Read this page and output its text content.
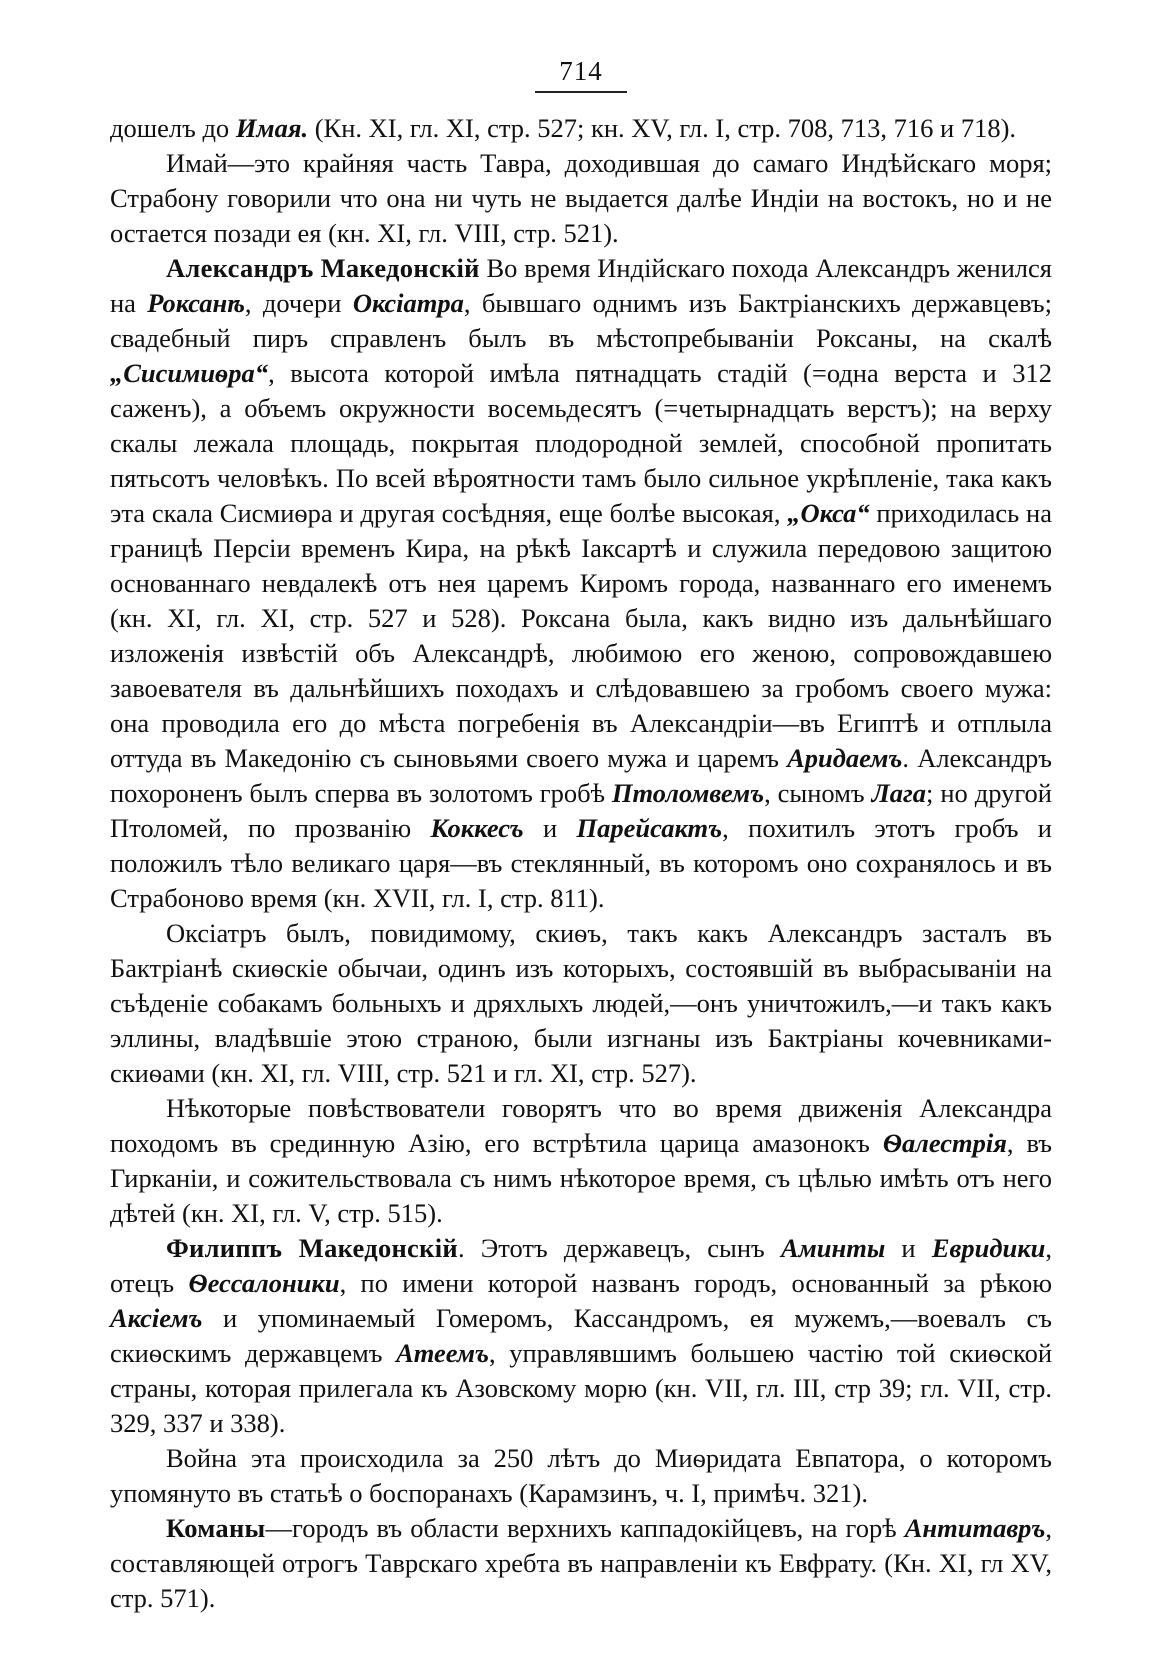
714

дошелъ до Имая. (Кн. XI, гл. XI, стр. 527; кн. XV, гл. I, стр. 708, 713, 716 и 718).

Имай—это крайняя часть Тавра, доходившая до самаго Индѣйскаго моря; Страбону говорили что она ни чуть не выдается далѣе Индіи на востокъ, но и не остается позади ея (кн. XI, гл. VIII, стр. 521).

Александръ Македонскій Во время Индійскаго похода Александръ женился на Роксанѣ, дочери Оксіатра, бывшаго однимъ изъ Бактріанскихъ державцевъ; свадебный пиръ справленъ былъ въ мѣстопребываніи Роксаны, на скалѣ „Сисимиѳра“, высота которой имѣла пятнадцать стадій (=одна верста и 312 саженъ), а объемъ окружности восемьдесятъ (=четырнадцать верстъ); на верху скалы лежала площадь, покрытая плодородной землей, способной пропитать пятьсотъ человѣкъ. По всей вѣроятности тамъ было сильное укрѣпленіе, така какъ эта скала Сисмиѳра и другая сосѣдняя, еще болѣе высокая, „Окса“ приходилась на границѣ Персіи временъ Кира, на рѣкѣ Іаксартѣ и служила передовою защитою основаннаго невдалекѣ отъ нея царемъ Киромъ города, названнаго его именемъ (кн. XI, гл. XI, стр. 527 и 528). Роксана была, какъ видно изъ дальнѣйшаго изложенія извѣстій объ Александрѣ, любимою его женою, сопровождавшею завоевателя въ дальнѣйшихъ походахъ и слѣдовавшею за гробомъ своего мужа: она проводила его до мѣста погребенія въ Александріи—въ Египтѣ и отплыла оттуда въ Македонію съ сыновьями своего мужа и царемъ Аридаемъ. Александръ похороненъ былъ сперва въ золотомъ гробѣ Птоломвемъ, сыномъ Лага; но другой Птоломей, по прозванію Коккесъ и Парейсактъ, похитилъ этотъ гробъ и положилъ тѣло великаго царя—въ стеклянный, въ которомъ оно сохранялось и въ Страбоново время (кн. XVII, гл. I, стр. 811).

Оксіатръ былъ, повидимому, скиѳъ, такъ какъ Александръ засталъ въ Бактріанѣ скиѳскіе обычаи, одинъ изъ которыхъ, состоявшій въ выбрасываніи на съѣденіе собакамъ больныхъ и дряхлыхъ людей,—онъ уничтожилъ,—и такъ какъ эллины, владѣвшіе этою страною, были изгнаны изъ Бактріаны кочевниками-скиѳами (кн. XI, гл. VIII, стр. 521 и гл. XI, стр. 527).

Нѣкоторые повѣствователи говорятъ что во время движенія Александра походомъ въ срединную Азію, его встрѣтила царица амазонокъ Ѳалестрія, въ Гирканіи, и сожительствовала съ нимъ нѣкоторое время, съ цѣлью имѣть отъ него дѣтей (кн. XI, гл. V, стр. 515).

Филиппъ Македонскій. Этотъ державецъ, сынъ Аминты и Евридики, отецъ Ѳессалоники, по имени которой названъ городъ, основанный за рѣкою Аксіемъ и упоминаемый Гомеромъ, Кассандромъ, ея мужемъ,—воевалъ съ скиѳскимъ державцемъ Атеемъ, управлявшимъ большею частію той скиѳской страны, которая прилегала къ Азовскому морю (кн. VII, гл. III, стр 39; гл. VII, стр. 329, 337 и 338).

Война эта происходила за 250 лѣтъ до Миѳридата Евпатора, о которомъ упомянуто въ статьѣ о боспоранахъ (Карамзинъ, ч. I, примѣч. 321).

Команы—городъ въ области верхнихъ каппадокійцевъ, на горѣ Антитавръ, составляющей отрогъ Таврскаго хребта въ направленіи къ Евфрату. (Кн. XI, гл XV, стр. 571).
